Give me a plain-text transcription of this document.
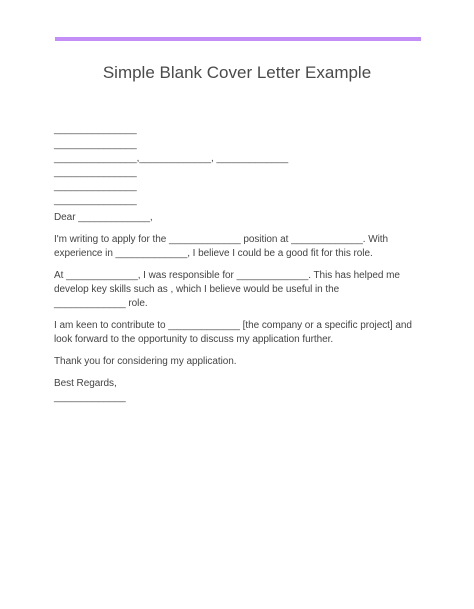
Simple Blank Cover Letter Example
_______________
_______________
_______________,_____________, _____________
_______________
_______________
_______________
Dear _____________,
I'm writing to apply for the _____________ position at _____________. With
experience in _____________, I believe I could be a good fit for this role.
At _____________, I was responsible for _____________. This has helped me
develop key skills such as , which I believe would be useful in the
_____________ role.
I am keen to contribute to _____________ [the company or a specific project] and
look forward to the opportunity to discuss my application further.
Thank you for considering my application.
Best Regards,
_____________
